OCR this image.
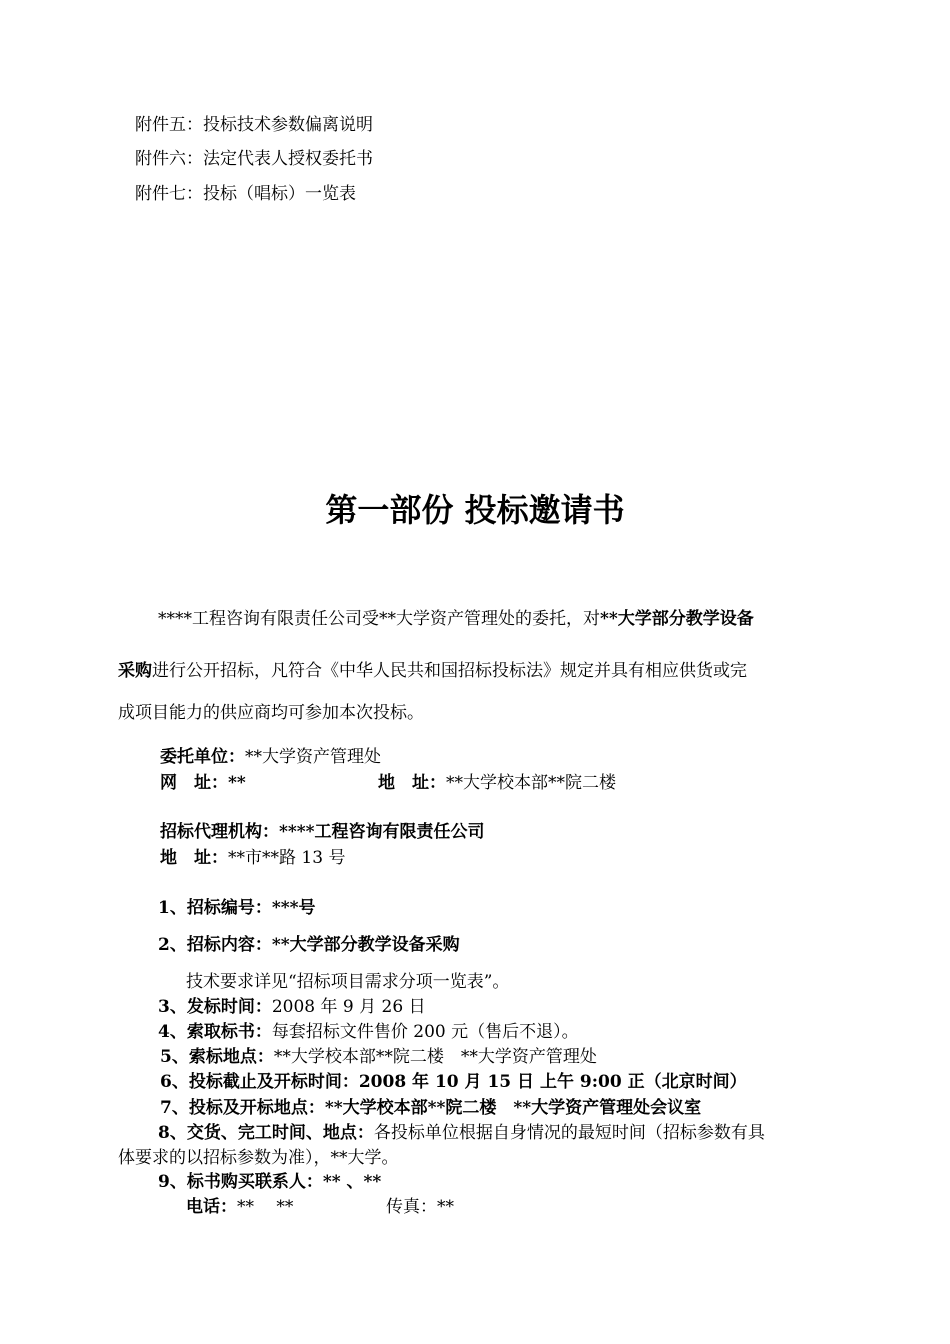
附件五：投标技术参数偏离说明
附件六：法定代表人授权委托书
附件七：投标（唱标）一览表
第一部份 投标邀请书

****工程咨询有限责任公司受**大学资产管理处的委托，对**大学部分教学设备

采购进行公开招标，凡符合《中华人民共和国招标投标法》规定并具有相应供货或完

成项目能力的供应商均可参加本次投标。

委托单位：**大学资产管理处
网　址：**	地　址：**大学校本部**院二楼
招标代理机构：****工程咨询有限责任公司
地　址：**市**路 13 号
1、招标编号：***号
2、招标内容：**大学部分教学设备采购
技术要求详见“招标项目需求分项一览表”。
3、发标时间：2008 年 9 月 26 日
4、索取标书：每套招标文件售价 200 元（售后不退）。
5、索标地点：**大学校本部**院二楼　**大学资产管理处
6、投标截止及开标时间：2008 年 10 月 15 日 上午 9:00 正（北京时间）
7、投标及开标地点：**大学校本部**院二楼　**大学资产管理处会议室
8、交货、完工时间、地点：各投标单位根据自身情况的最短时间（招标参数有具
体要求的以招标参数为准），**大学。
9、标书购买联系人：** 、**
电话：**　 **	传真：**
